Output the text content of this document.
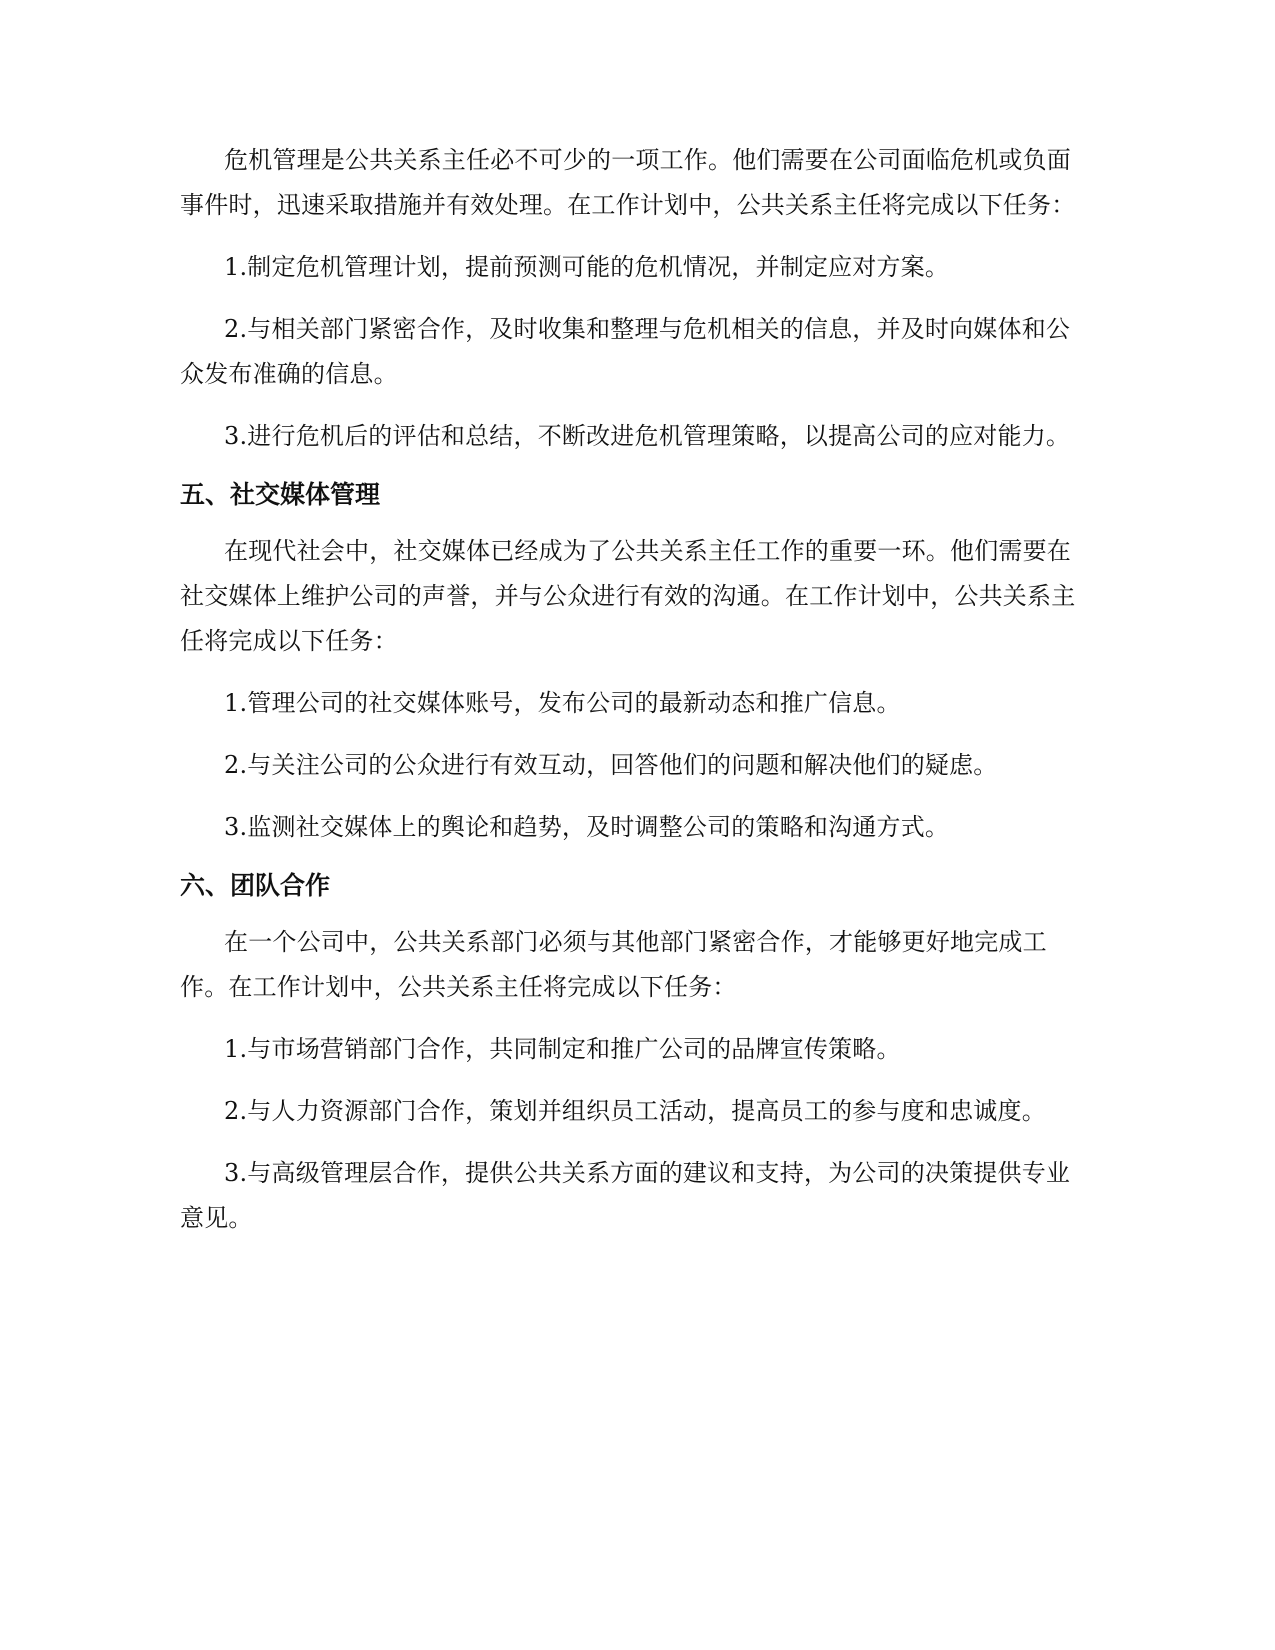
危机管理是公共关系主任必不可少的一项工作。他们需要在公司面临危机或负面事件时，迅速采取措施并有效处理。在工作计划中，公共关系主任将完成以下任务：

1.制定危机管理计划，提前预测可能的危机情况，并制定应对方案。

2.与相关部门紧密合作，及时收集和整理与危机相关的信息，并及时向媒体和公众发布准确的信息。

3.进行危机后的评估和总结，不断改进危机管理策略，以提高公司的应对能力。

五、社交媒体管理

在现代社会中，社交媒体已经成为了公共关系主任工作的重要一环。他们需要在社交媒体上维护公司的声誉，并与公众进行有效的沟通。在工作计划中，公共关系主任将完成以下任务：

1.管理公司的社交媒体账号，发布公司的最新动态和推广信息。

2.与关注公司的公众进行有效互动，回答他们的问题和解决他们的疑虑。

3.监测社交媒体上的舆论和趋势，及时调整公司的策略和沟通方式。

六、团队合作

在一个公司中，公共关系部门必须与其他部门紧密合作，才能够更好地完成工作。在工作计划中，公共关系主任将完成以下任务：

1.与市场营销部门合作，共同制定和推广公司的品牌宣传策略。

2.与人力资源部门合作，策划并组织员工活动，提高员工的参与度和忠诚度。

3.与高级管理层合作，提供公共关系方面的建议和支持，为公司的决策提供专业意见。
